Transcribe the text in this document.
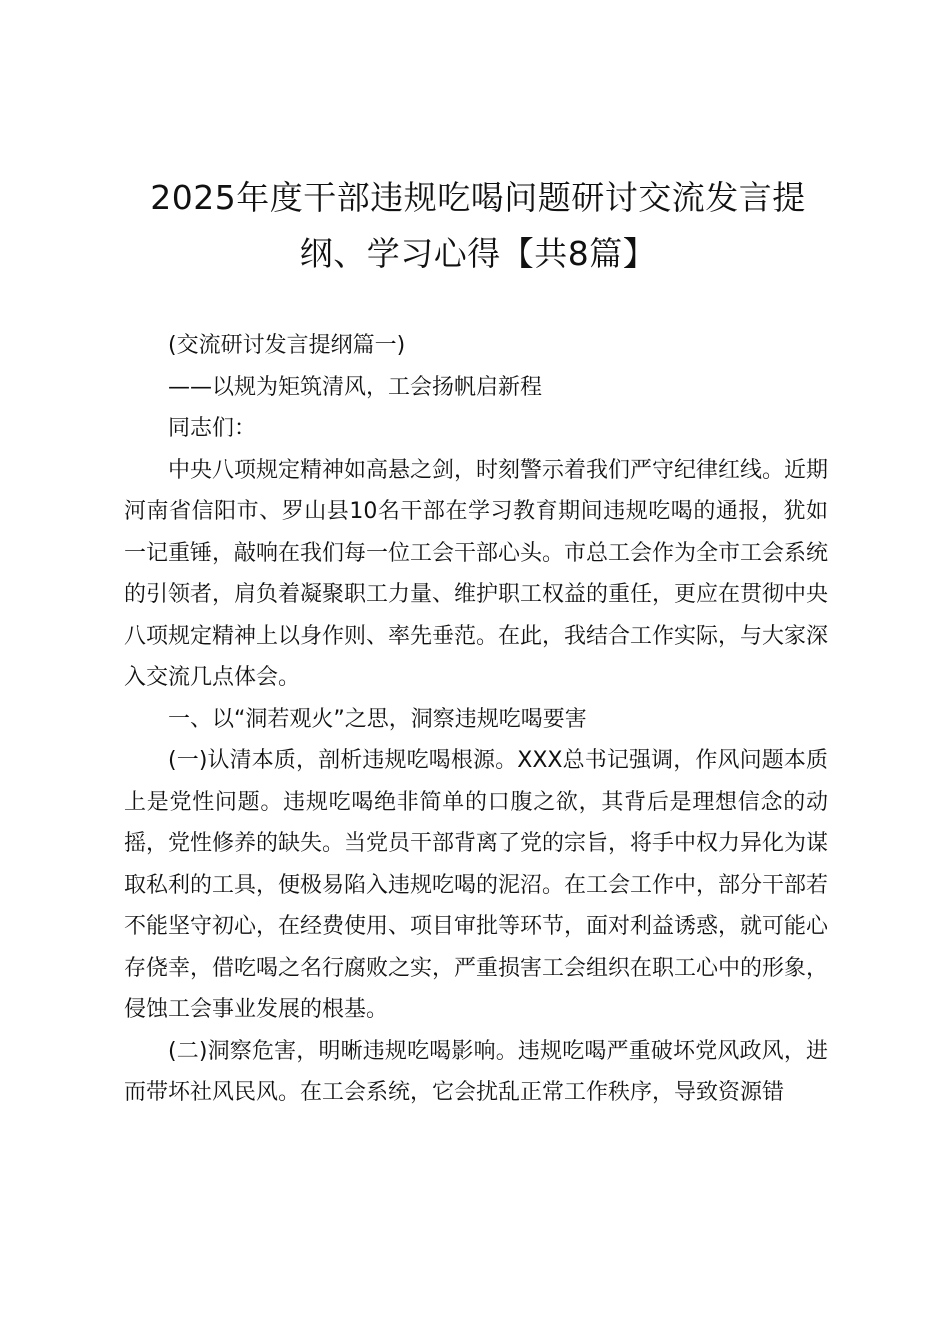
2025年度干部违规吃喝问题研讨交流发言提纲、学习心得【共8篇】

(交流研讨发言提纲篇一)

——以规为矩筑清风，工会扬帆启新程

同志们：

中央八项规定精神如高悬之剑，时刻警示着我们严守纪律红线。近期河南省信阳市、罗山县10名干部在学习教育期间违规吃喝的通报，犹如一记重锤，敲响在我们每一位工会干部心头。市总工会作为全市工会系统的引领者，肩负着凝聚职工力量、维护职工权益的重任，更应在贯彻中央八项规定精神上以身作则、率先垂范。在此，我结合工作实际，与大家深入交流几点体会。

一、以“洞若观火”之思，洞察违规吃喝要害

(一)认清本质，剖析违规吃喝根源。XXX总书记强调，作风问题本质上是党性问题。违规吃喝绝非简单的口腹之欲，其背后是理想信念的动摇，党性修养的缺失。当党员干部背离了党的宗旨，将手中权力异化为谋取私利的工具，便极易陷入违规吃喝的泥沼。在工会工作中，部分干部若不能坚守初心，在经费使用、项目审批等环节，面对利益诱惑，就可能心存侥幸，借吃喝之名行腐败之实，严重损害工会组织在职工心中的形象，侵蚀工会事业发展的根基。

(二)洞察危害，明晰违规吃喝影响。违规吃喝严重破坏党风政风，进而带坏社风民风。在工会系统，它会扰乱正常工作秩序，导致资源错
